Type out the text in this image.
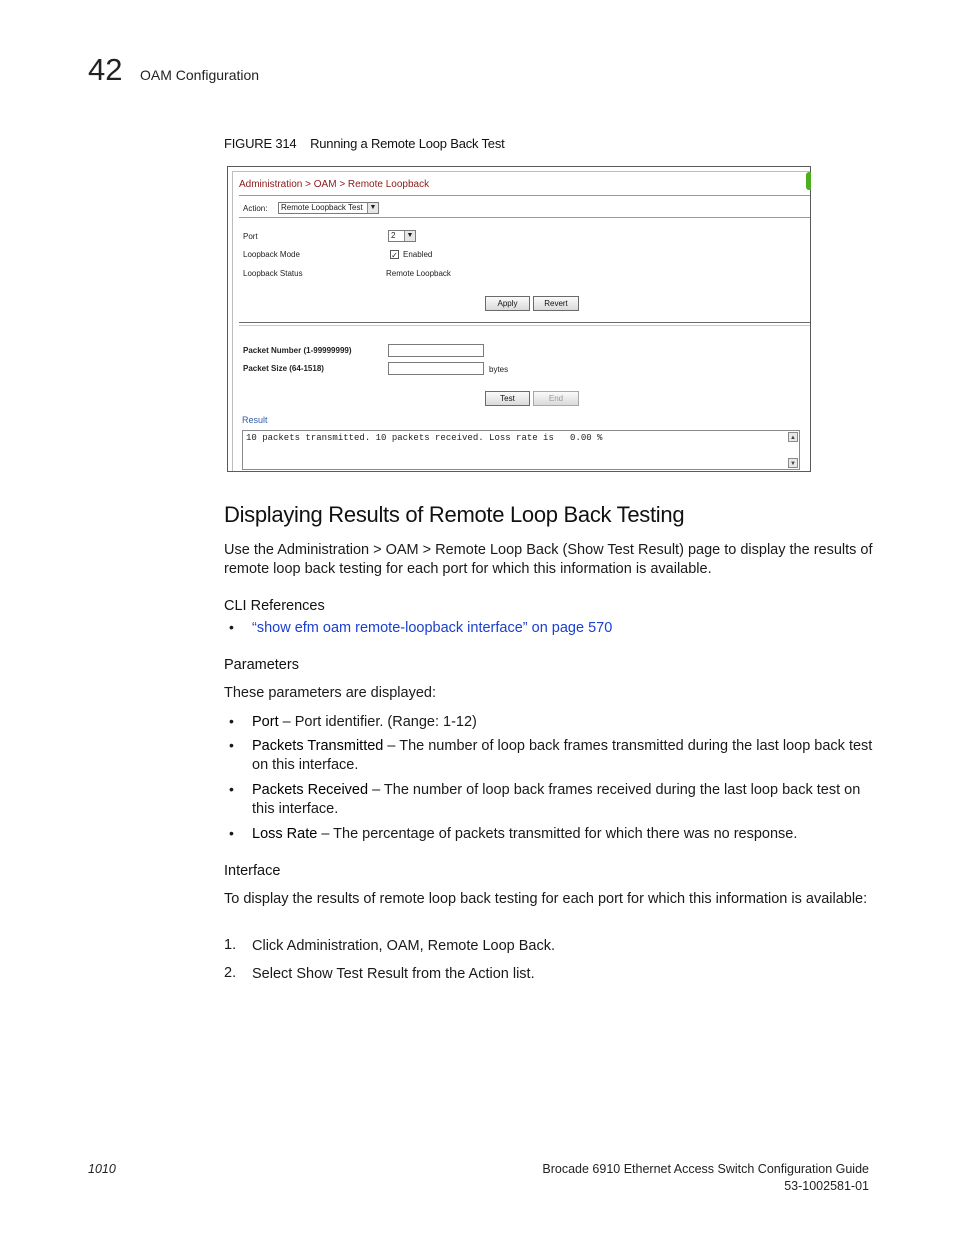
42 OAM Configuration
FIGURE 314 Running a Remote Loop Back Test
Administration > OAM > Remote Loopback
Action:	Remote Loopback Test ▼
Port	2	▼
Loopback Mode	✓ Enabled
Loopback Status	Remote Loopback
Apply	Revert
Packet Number (1-99999999)
Packet Size (64-1518)	bytes
Test	End
Result
10 packets transmitted. 10 packets received. Loss rate is   0.00 %	▲
▼
Displaying Results of Remote Loop Back Testing
Use the Administration > OAM > Remote Loop Back (Show Test Result) page to display the results of remote loop back testing for each port for which this information is available.
CLI References
• “show efm oam remote-loopback interface” on page 570
Parameters
These parameters are displayed:
• Port – Port identifier. (Range: 1-12)
• Packets Transmitted – The number of loop back frames transmitted during the last loop back test on this interface.
• Packets Received – The number of loop back frames received during the last loop back test on this interface.
• Loss Rate – The percentage of packets transmitted for which there was no response.
Interface
To display the results of remote loop back testing for each port for which this information is available:
1. Click Administration, OAM, Remote Loop Back.
2. Select Show Test Result from the Action list.
1010	Brocade 6910 Ethernet Access Switch Configuration Guide
53-1002581-01
